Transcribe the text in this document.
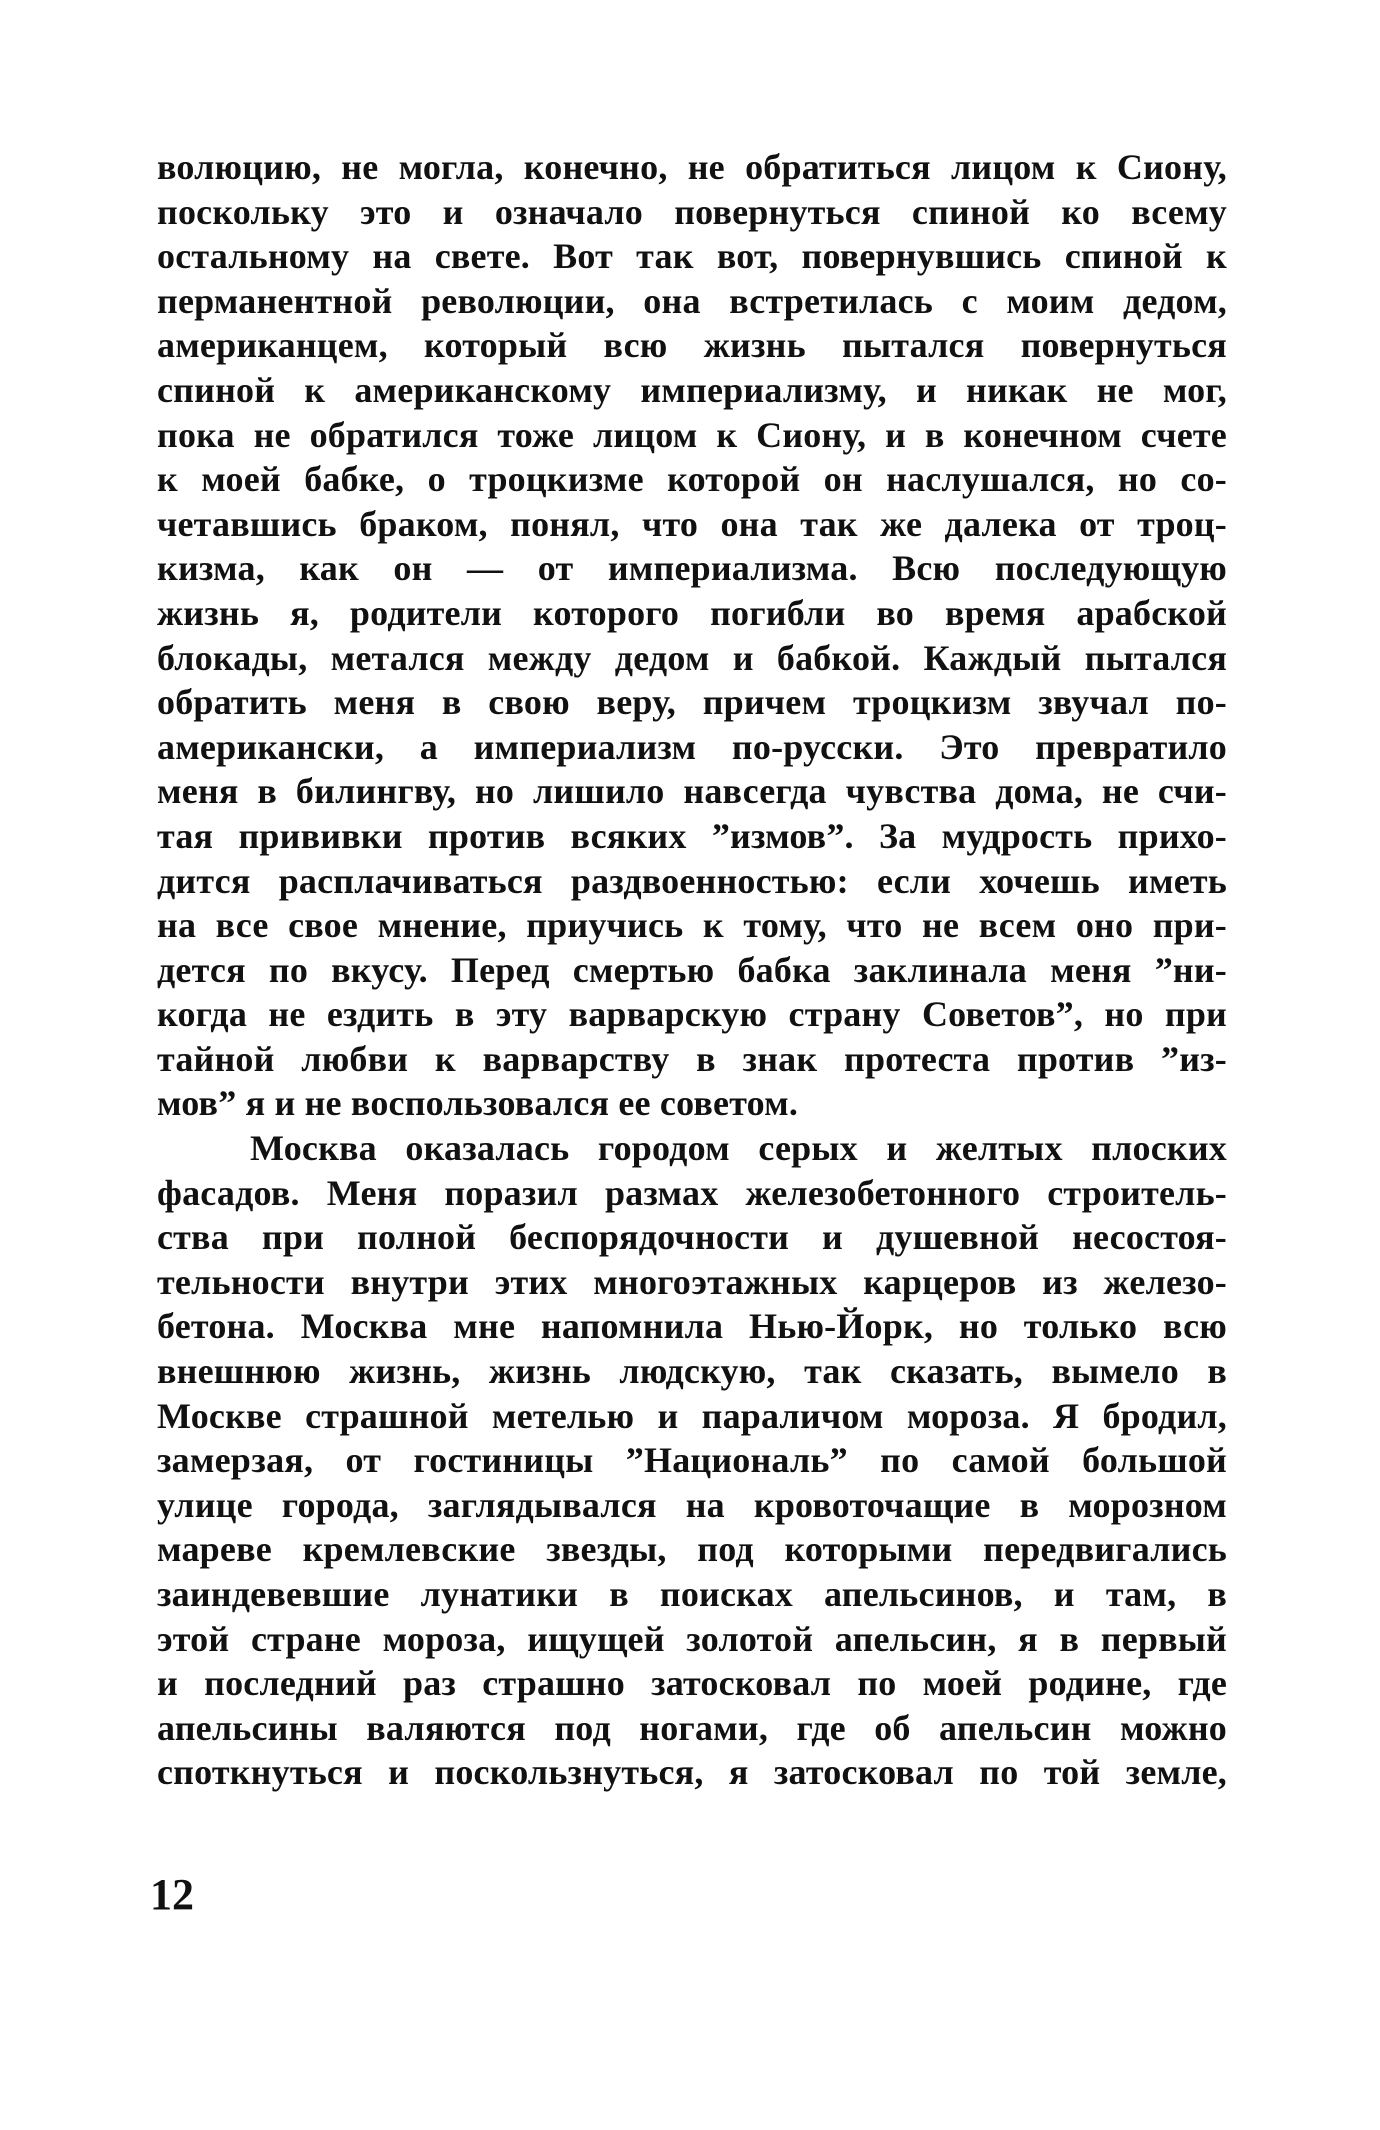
волюцию, не могла, конечно, не обратиться лицом к Сиону,
поскольку это и означало повернуться спиной ко всему
остальному на свете. Вот так вот, повернувшись спиной к
перманентной революции, она встретилась с моим дедом,
американцем, который всю жизнь пытался повернуться
спиной к американскому империализму, и никак не мог,
пока не обратился тоже лицом к Сиону, и в конечном счете
к моей бабке, о троцкизме которой он наслушался, но со-
четавшись браком, понял, что она так же далека от троц-
кизма, как он — от империализма. Всю последующую
жизнь я, родители которого погибли во время арабской
блокады, метался между дедом и бабкой. Каждый пытался
обратить меня в свою веру, причем троцкизм звучал по-
американски, а империализм по-русски. Это превратило
меня в билингву, но лишило навсегда чувства дома, не счи-
тая прививки против всяких ”измов”. За мудрость прихо-
дится расплачиваться раздвоенностью: если хочешь иметь
на все свое мнение, приучись к тому, что не всем оно при-
дется по вкусу. Перед смертью бабка заклинала меня ”ни-
когда не ездить в эту варварскую страну Советов”, но при
тайной любви к варварству в знак протеста против ”из-
мов” я и не воспользовался ее советом.
Москва оказалась городом серых и желтых плоских
фасадов. Меня поразил размах железобетонного строитель-
ства при полной беспорядочности и душевной несостоя-
тельности внутри этих многоэтажных карцеров из железо-
бетона. Москва мне напомнила Нью-Йорк, но только всю
внешнюю жизнь, жизнь людскую, так сказать, вымело в
Москве страшной метелью и параличом мороза. Я бродил,
замерзая, от гостиницы ”Националь” по самой большой
улице города, заглядывался на кровоточащие в морозном
мареве кремлевские звезды, под которыми передвигались
заиндевевшие лунатики в поисках апельсинов, и там, в
этой стране мороза, ищущей золотой апельсин, я в первый
и последний раз страшно затосковал по моей родине, где
апельсины валяются под ногами, где об апельсин можно
споткнуться и поскользнуться, я затосковал по той земле,
12
